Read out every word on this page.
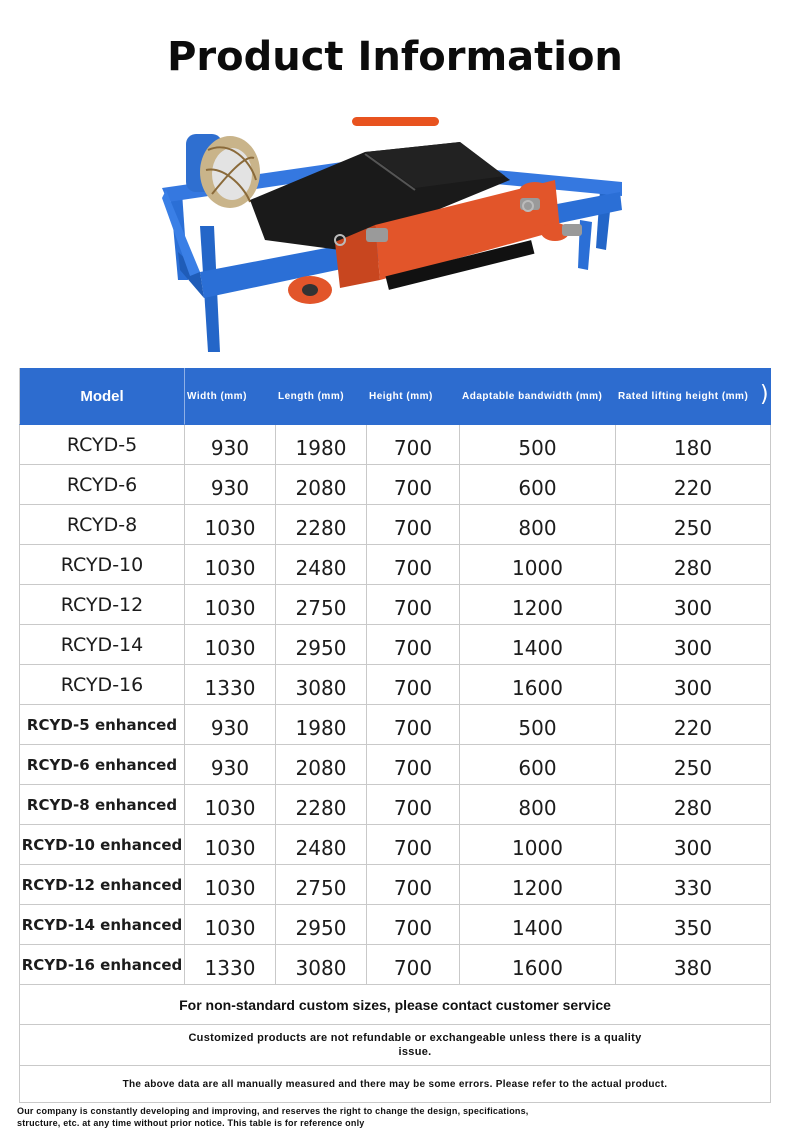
Product Information
Model	Width (mm)	Length (mm)	Height (mm)	Adaptable bandwidth (mm)	Rated lifting height (mm) )
RCYD-5	930	1980	700	500	180
RCYD-6	930	2080	700	600	220
RCYD-8	1030	2280	700	800	250
RCYD-10	1030	2480	700	1000	280
RCYD-12	1030	2750	700	1200	300
RCYD-14	1030	2950	700	1400	300
RCYD-16	1330	3080	700	1600	300
RCYD-5 enhanced	930	1980	700	500	220
RCYD-6 enhanced	930	2080	700	600	250
RCYD-8 enhanced	1030	2280	700	800	280
RCYD-10 enhanced	1030	2480	700	1000	300
RCYD-12 enhanced	1030	2750	700	1200	330
RCYD-14 enhanced	1030	2950	700	1400	350
RCYD-16 enhanced	1330	3080	700	1600	380
For non-standard custom sizes, please contact customer service
Customized products are not refundable or exchangeable unless there is a quality issue.
The above data are all manually measured and there may be some errors. Please refer to the actual product.
Our company is constantly developing and improving, and reserves the right to change the design, specifications, structure, etc. at any time without prior notice. This table is for reference only
